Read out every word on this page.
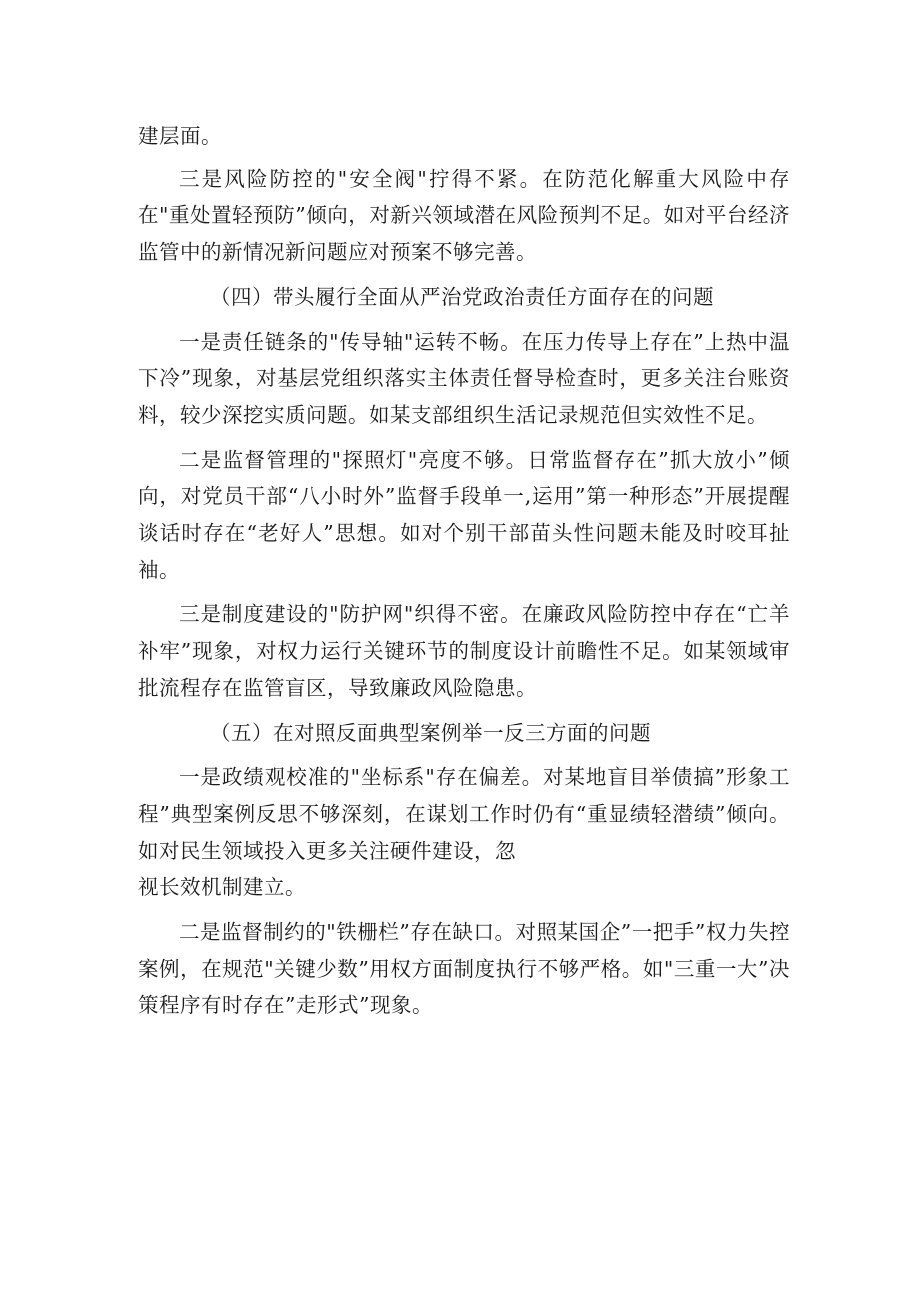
建层面。

三是风险防控的"安全阀"拧得不紧。在防范化解重大风险中存在"重处置轻预防”倾向，对新兴领域潜在风险预判不足。如对平台经济监管中的新情况新问题应对预案不够完善。

（四）带头履行全面从严治党政治责任方面存在的问题

一是责任链条的"传导轴"运转不畅。在压力传导上存在”上热中温下冷”现象，对基层党组织落实主体责任督导检查时，更多关注台账资料，较少深挖实质问题。如某支部组织生活记录规范但实效性不足。

二是监督管理的"探照灯"亮度不够。日常监督存在”抓大放小”倾向，对党员干部“八小时外”监督手段单一,运用”第一种形态”开展提醒谈话时存在“老好人”思想。如对个别干部苗头性问题未能及时咬耳扯袖。

三是制度建设的"防护网"织得不密。在廉政风险防控中存在“亡羊补牢”现象，对权力运行关键环节的制度设计前瞻性不足。如某领域审批流程存在监管盲区，导致廉政风险隐患。

（五）在对照反面典型案例举一反三方面的问题

一是政绩观校准的"坐标系"存在偏差。对某地盲目举债搞”形象工程”典型案例反思不够深刻，在谋划工作时仍有“重显绩轻潜绩”倾向。如对民生领域投入更多关注硬件建设，忽

视长效机制建立。

二是监督制约的"铁栅栏”存在缺口。对照某国企”一把手”权力失控案例，在规范"关键少数”用权方面制度执行不够严格。如"三重一大”决策程序有时存在”走形式”现象。
